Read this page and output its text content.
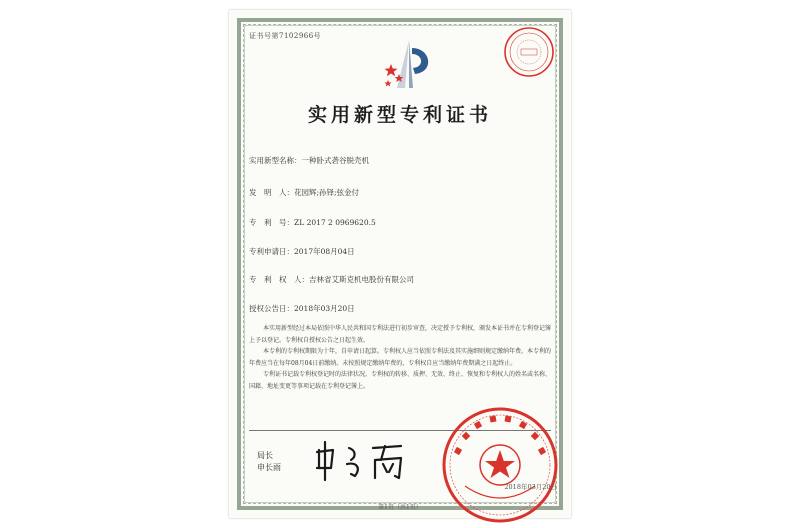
证书号第7102966号
实用新型专利证书
实用新型名称：一种卧式砻谷脱壳机
发　明　人：花园辉;孙铎;弦金付
专　利　号：ZL 2017 2 0969620.5
专利申请日：2017年08月04日
专　利　权　人：吉林省艾斯克机电股份有限公司
授权公告日：2018年03月20日

本实用新型经过本局依照中华人民共和国专利法进行初步审查，决定授予专利权，颁发本证书并在专利登记簿上予以登记。专利权自授权公告之日起生效。

本专利的专利权期限为十年，自申请日起算。专利权人应当依照专利法及其实施细则规定缴纳年费。本专利的年费应当在每年08月04日前缴纳。未按照规定缴纳年费的，专利权自应当缴纳年费期满之日起终止。

专利证书记载专利权登记时的法律状况。专利权的转移、质押、无效、终止、恢复和专利权人的姓名或名称、国籍、地址变更等事项记载在专利登记簿上。

局长
申长雨
2018年03月20日
第1页（共1页）
